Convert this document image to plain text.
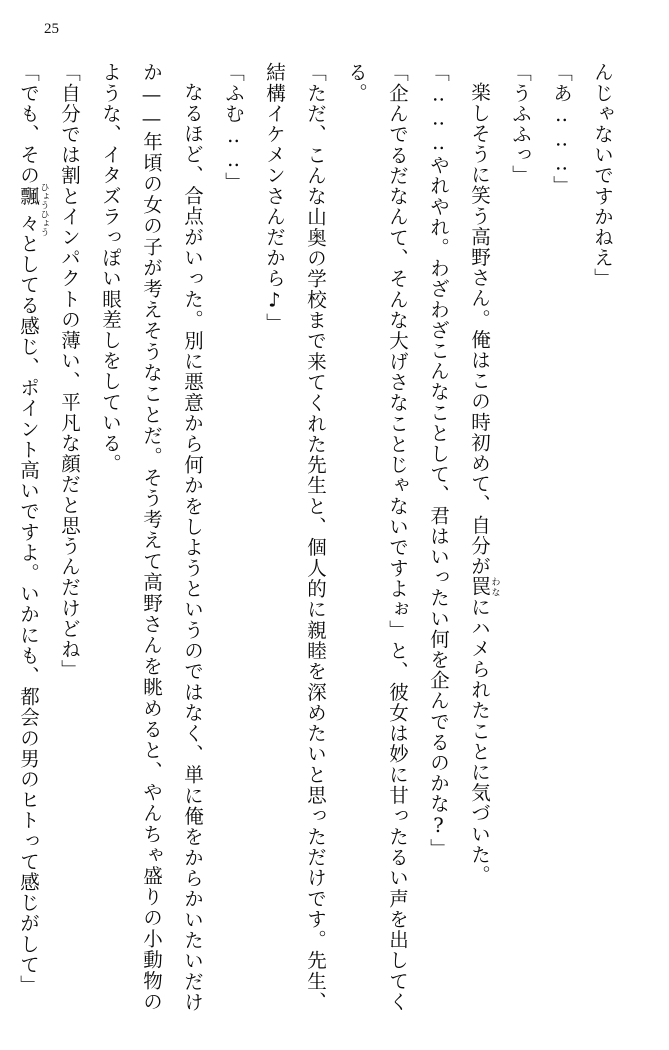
25

んじゃないですかねえ」

「あ‥‥‥」

「うふふっ」

楽しそうに笑う高野さん。俺はこの時初めて、自分が罠わなにハメられたことに気づいた。

「‥‥‥やれやれ。わざわざこんなことして、君はいったい何を企んでるのかな?」

「企んでるだなんて、そんな大げさなことじゃないですよぉ」と、彼女は妙に甘ったるい声を出してくる。

「ただ、こんな山奥の学校まで来てくれた先生と、個人的に親睦を深めたいと思っただけです。先生、結構イケメンさんだから♪」

「ふむ‥‥」

なるほど、合点がいった。別に悪意から何かをしようというのではなく、単に俺をからかいたいだけか——年頃の女の子が考えそうなことだ。そう考えて高野さんを眺めると、やんちゃ盛りの小動物のような、イタズラっぽい眼差しをしている。

「自分では割とインパクトの薄い、平凡な顔だと思うんだけどね」

「でも、その飄々ひょうひょうとしてる感じ、ポイント高いですよ。いかにも、都会の男のヒトって感じがして」
